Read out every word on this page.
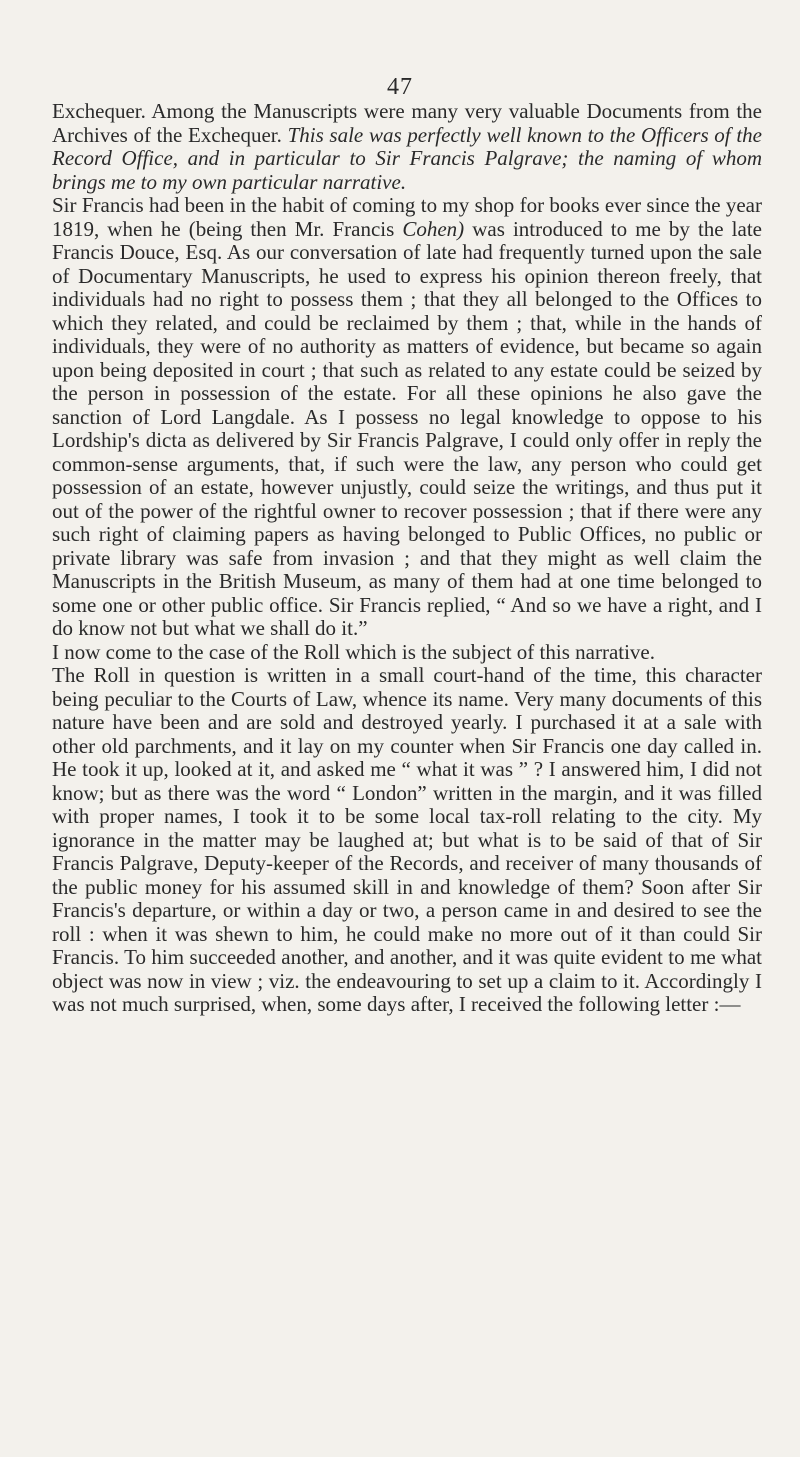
47

Exchequer. Among the Manuscripts were many very valuable Documents from the Archives of the Exchequer. This sale was perfectly well known to the Officers of the Record Office, and in particular to Sir Francis Palgrave; the naming of whom brings me to my own particular narrative.

Sir Francis had been in the habit of coming to my shop for books ever since the year 1819, when he (being then Mr. Francis Cohen) was introduced to me by the late Francis Douce, Esq. As our conversation of late had frequently turned upon the sale of Documentary Manuscripts, he used to express his opinion thereon freely, that individuals had no right to possess them ; that they all belonged to the Offices to which they related, and could be reclaimed by them ; that, while in the hands of individuals, they were of no authority as matters of evidence, but became so again upon being deposited in court ; that such as related to any estate could be seized by the person in possession of the estate. For all these opinions he also gave the sanction of Lord Langdale. As I possess no legal knowledge to oppose to his Lordship's dicta as delivered by Sir Francis Palgrave, I could only offer in reply the common-sense arguments, that, if such were the law, any person who could get possession of an estate, however unjustly, could seize the writings, and thus put it out of the power of the rightful owner to recover possession ; that if there were any such right of claiming papers as having belonged to Public Offices, no public or private library was safe from invasion ; and that they might as well claim the Manuscripts in the British Museum, as many of them had at one time belonged to some one or other public office. Sir Francis replied, “ And so we have a right, and I do know not but what we shall do it.”

I now come to the case of the Roll which is the subject of this narrative.

The Roll in question is written in a small court-hand of the time, this character being peculiar to the Courts of Law, whence its name. Very many documents of this nature have been and are sold and destroyed yearly. I purchased it at a sale with other old parchments, and it lay on my counter when Sir Francis one day called in. He took it up, looked at it, and asked me “ what it was ” ? I answered him, I did not know; but as there was the word “ London” written in the margin, and it was filled with proper names, I took it to be some local tax-roll relating to the city. My ignorance in the matter may be laughed at; but what is to be said of that of Sir Francis Palgrave, Deputy-keeper of the Records, and receiver of many thousands of the public money for his assumed skill in and knowledge of them? Soon after Sir Francis's departure, or within a day or two, a person came in and desired to see the roll : when it was shewn to him, he could make no more out of it than could Sir Francis. To him succeeded another, and another, and it was quite evident to me what object was now in view ; viz. the endeavouring to set up a claim to it. Accordingly I was not much surprised, when, some days after, I received the following letter :—
